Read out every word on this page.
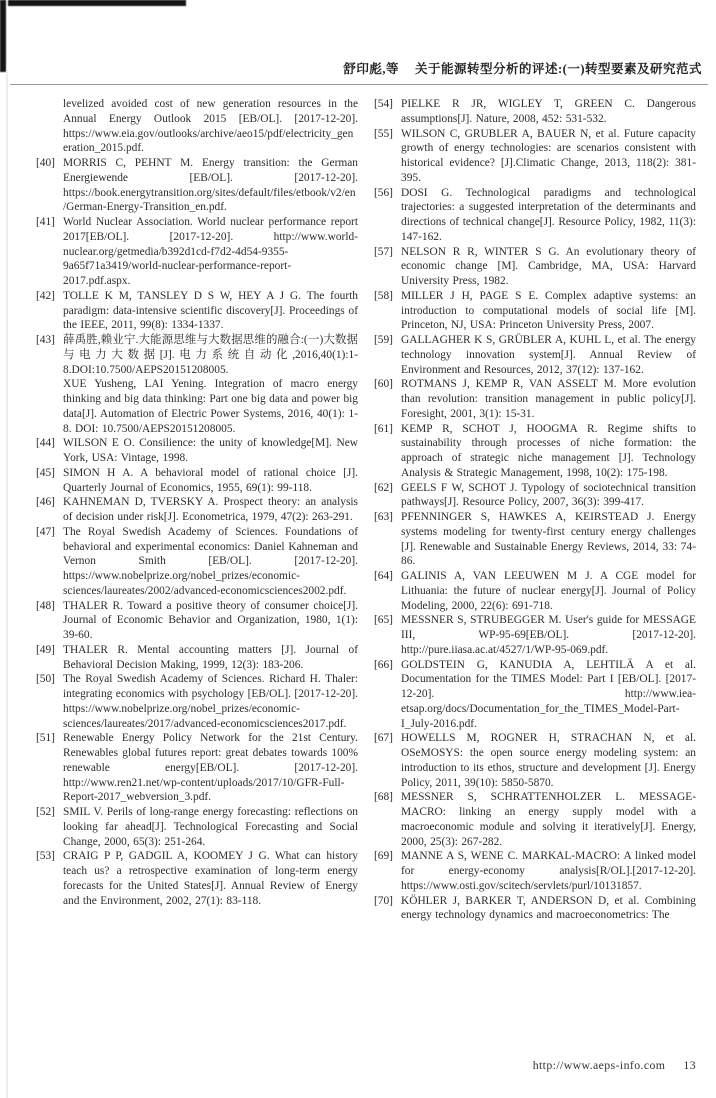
舒印彪,等 关于能源转型分析的评述:(一)转型要素及研究范式
levelized avoided cost of new generation resources in the Annual Energy Outlook 2015 [EB/OL]. [2017-12-20]. https://www.eia.gov/outlooks/archive/aeo15/pdf/electricity_generation_2015.pdf.
[40] MORRIS C, PEHNT M. Energy transition: the German Energiewende [EB/OL]. [2017-12-20]. https://book.energytransition.org/sites/default/files/etbook/v2/en/German-Energy-Transition_en.pdf.
[41] World Nuclear Association. World nuclear performance report 2017[EB/OL]. [2017-12-20]. http://www.world-nuclear.org/getmedia/b392d1cd-f7d2-4d54-9355-9a65f71a3419/world-nuclear-performance-report-2017.pdf.aspx.
[42] TOLLE K M, TANSLEY D S W, HEY A J G. The fourth paradigm: data-intensive scientific discovery[J]. Proceedings of the IEEE, 2011, 99(8): 1334-1337.
[43] 薛禹胜,赖业宁.大能源思维与大数据思维的融合:(一)大数据与电力大数据[J].电力系统自动化,2016,40(1):1-8.DOI:10.7500/AEPS20151208005.
XUE Yusheng, LAI Yening. Integration of macro energy thinking and big data thinking: Part one big data and power big data[J]. Automation of Electric Power Systems, 2016, 40(1): 1-8. DOI: 10.7500/AEPS20151208005.
[44] WILSON E O. Consilience: the unity of knowledge[M]. New York, USA: Vintage, 1998.
[45] SIMON H A. A behavioral model of rational choice [J]. Quarterly Journal of Economics, 1955, 69(1): 99-118.
[46] KAHNEMAN D, TVERSKY A. Prospect theory: an analysis of decision under risk[J]. Econometrica, 1979, 47(2): 263-291.
[47] The Royal Swedish Academy of Sciences. Foundations of behavioral and experimental economics: Daniel Kahneman and Vernon Smith [EB/OL]. [2017-12-20]. https://www.nobelprize.org/nobel_prizes/economic-sciences/laureates/2002/advanced-economicsciences2002.pdf.
[48] THALER R. Toward a positive theory of consumer choice[J]. Journal of Economic Behavior and Organization, 1980, 1(1): 39-60.
[49] THALER R. Mental accounting matters [J]. Journal of Behavioral Decision Making, 1999, 12(3): 183-206.
[50] The Royal Swedish Academy of Sciences. Richard H. Thaler: integrating economics with psychology [EB/OL]. [2017-12-20]. https://www.nobelprize.org/nobel_prizes/economic-sciences/laureates/2017/advanced-economicsciences2017.pdf.
[51] Renewable Energy Policy Network for the 21st Century. Renewables global futures report: great debates towards 100% renewable energy[EB/OL]. [2017-12-20]. http://www.ren21.net/wp-content/uploads/2017/10/GFR-Full-Report-2017_webversion_3.pdf.
[52] SMIL V. Perils of long-range energy forecasting: reflections on looking far ahead[J]. Technological Forecasting and Social Change, 2000, 65(3): 251-264.
[53] CRAIG P P, GADGIL A, KOOMEY J G. What can history teach us? a retrospective examination of long-term energy forecasts for the United States[J]. Annual Review of Energy and the Environment, 2002, 27(1): 83-118.
[54] PIELKE R JR, WIGLEY T, GREEN C. Dangerous assumptions[J]. Nature, 2008, 452: 531-532.
[55] WILSON C, GRUBLER A, BAUER N, et al. Future capacity growth of energy technologies: are scenarios consistent with historical evidence? [J].Climatic Change, 2013, 118(2): 381-395.
[56] DOSI G. Technological paradigms and technological trajectories: a suggested interpretation of the determinants and directions of technical change[J]. Resource Policy, 1982, 11(3): 147-162.
[57] NELSON R R, WINTER S G. An evolutionary theory of economic change [M]. Cambridge, MA, USA: Harvard University Press, 1982.
[58] MILLER J H, PAGE S E. Complex adaptive systems: an introduction to computational models of social life [M]. Princeton, NJ, USA: Princeton University Press, 2007.
[59] GALLAGHER K S, GRÜBLER A, KUHL L, et al. The energy technology innovation system[J]. Annual Review of Environment and Resources, 2012, 37(12): 137-162.
[60] ROTMANS J, KEMP R, VAN ASSELT M. More evolution than revolution: transition management in public policy[J]. Foresight, 2001, 3(1): 15-31.
[61] KEMP R, SCHOT J, HOOGMA R. Regime shifts to sustainability through processes of niche formation: the approach of strategic niche management [J]. Technology Analysis & Strategic Management, 1998, 10(2): 175-198.
[62] GEELS F W, SCHOT J. Typology of sociotechnical transition pathways[J]. Resource Policy, 2007, 36(3): 399-417.
[63] PFENNINGER S, HAWKES A, KEIRSTEAD J. Energy systems modeling for twenty-first century energy challenges [J]. Renewable and Sustainable Energy Reviews, 2014, 33: 74-86.
[64] GALINIS A, VAN LEEUWEN M J. A CGE model for Lithuania: the future of nuclear energy[J]. Journal of Policy Modeling, 2000, 22(6): 691-718.
[65] MESSNER S, STRUBEGGER M. User's guide for MESSAGE III, WP-95-69[EB/OL]. [2017-12-20]. http://pure.iiasa.ac.at/4527/1/WP-95-069.pdf.
[66] GOLDSTEIN G, KANUDIA A, LEHTILÄ A et al. Documentation for the TIMES Model: Part I [EB/OL]. [2017-12-20]. http://www.iea-etsap.org/docs/Documentation_for_the_TIMES_Model-Part-I_July-2016.pdf.
[67] HOWELLS M, ROGNER H, STRACHAN N, et al. OSeMOSYS: the open source energy modeling system: an introduction to its ethos, structure and development [J]. Energy Policy, 2011, 39(10): 5850-5870.
[68] MESSNER S, SCHRATTENHOLZER L. MESSAGE-MACRO: linking an energy supply model with a macroeconomic module and solving it iteratively[J]. Energy, 2000, 25(3): 267-282.
[69] MANNE A S, WENE C. MARKAL-MACRO: A linked model for energy-economy analysis[R/OL].[2017-12-20]. https://www.osti.gov/scitech/servlets/purl/10131857.
[70] KÖHLER J, BARKER T, ANDERSON D, et al. Combining energy technology dynamics and macroeconometrics: The
http://www.aeps-info.com 13
